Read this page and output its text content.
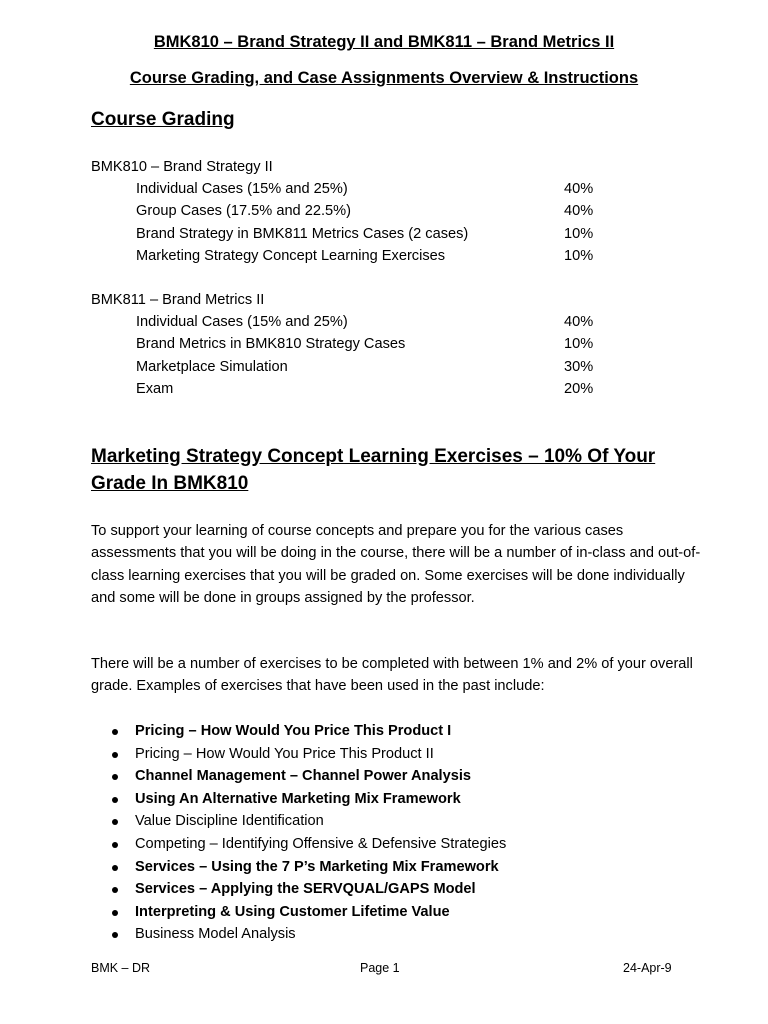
BMK810 – Brand Strategy II and BMK811 – Brand Metrics II
Course Grading, and Case Assignments Overview & Instructions
Course Grading
BMK810 – Brand Strategy II
Individual Cases (15% and 25%)	40%
Group Cases (17.5% and 22.5%)	40%
Brand Strategy in BMK811 Metrics Cases (2 cases)	10%
Marketing Strategy Concept Learning Exercises	10%
BMK811 – Brand Metrics II
Individual Cases (15% and 25%)	40%
Brand Metrics in BMK810 Strategy Cases	10%
Marketplace Simulation	30%
Exam	20%
Marketing Strategy Concept Learning Exercises – 10% Of Your
Grade In BMK810

To support your learning of course concepts and prepare you for the various cases assessments that you will be doing in the course, there will be a number of in-class and out-of-class learning exercises that you will be graded on. Some exercises will be done individually and some will be done in groups assigned by the professor.

There will be a number of exercises to be completed with between 1% and 2% of your overall grade. Examples of exercises that have been used in the past include:

Pricing – How Would You Price This Product I
Pricing – How Would You Price This Product II
Channel Management – Channel Power Analysis
Using An Alternative Marketing Mix Framework
Value Discipline Identification
Competing – Identifying Offensive & Defensive Strategies
Services – Using the 7 P’s Marketing Mix Framework
Services – Applying the SERVQUAL/GAPS Model
Interpreting & Using Customer Lifetime Value
Business Model Analysis
BMK – DR	Page 1	24-Apr-9
